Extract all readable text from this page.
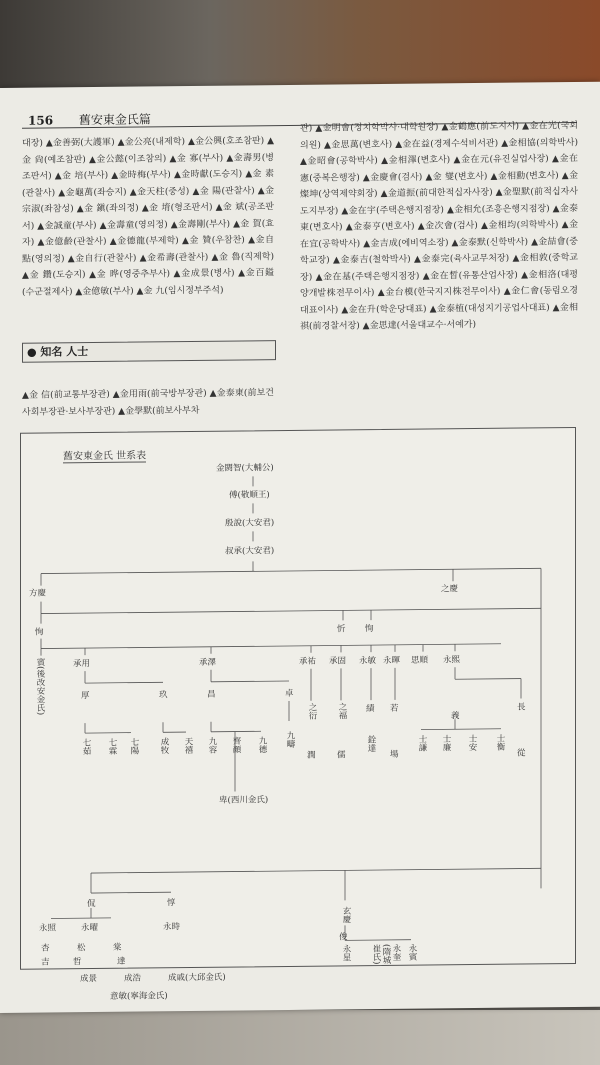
156 舊安東金氏篇
대장) ▲金善弼(大護軍) ▲金公亮(내제학) ▲金公興(호조참판) ▲金 尙(예조참판) ▲金公懿(이조참의) ▲金 寡(부사) ▲金壽男(병조판서) ▲金 培(부사) ▲金時梅(부사) ▲金時獻(도승지) ▲金 素(관찰사) ▲金龜萬(좌승지) ▲金天柱(중성) ▲金 陽(관찰사) ▲金宗淑(좌참성) ▲金 鎭(좌의정) ▲金 堉(형조판서) ▲金 斌(공조판서) ▲金誠童(부사) ▲金壽童(영의정) ▲金壽剛(부사) ▲金 賀(효자) ▲金億齡(관찰사) ▲金德龍(부제학) ▲金 贊(우참찬) ▲金自點(영의정) ▲金自行(관찰사) ▲金希壽(관찰사) ▲金 魯(직제학) ▲金 鑽(도승지) ▲金 晔(영중추부사) ▲金成景(병사) ▲金百鎰(수군절제사) ▲金億敏(부사) ▲金 九(임시정부주석)
● 知名 人士
▲金 信(前교통부장관) ▲金用雨(前국방부장관) ▲金泰東(前보건사회부장관·보사부장관) ▲金學默(前보사부차
관) ▲金明會(정치학박사·대학원장) ▲金鶴應(前도지사) ▲金在光(국회의원) ▲金思萬(변호사) ▲金在益(경제수석비서관) ▲金相協(의학박사) ▲金昭會(공학박사) ▲金相澤(변호사) ▲金在元(유진실업사장) ▲金在憲(중복은행장) ▲金慶會(검사) ▲金 燮(변호사) ▲金相勳(변호사) ▲金燦坤(상역제약회장) ▲金道振(前대한적십자사장) ▲金聖默(前적십자사도지부장) ▲金在宇(주택은행지점장) ▲金相允(조흥은행지점장) ▲金泰東(변호사) ▲金泰亨(변호사) ▲金次會(검사) ▲金相均(의학박사) ▲金在宜(공학박사) ▲金吉成(에비역소장) ▲金泰默(신학박사) ▲金喆會(중학교장) ▲金泰吉(철학박사) ▲金泰完(육사교무처장) ▲金相敦(중학교장) ▲金在基(주택은행지점장) ▲金在晳(유통산업사장) ▲金相洛(대평양개발株전무이사) ▲金台模(한국지지株전무이사) ▲金仁會(동림오경대표이사) ▲金在升(학운당대표) ▲金泰植(대성지기공업사대표) ▲金相祺(前경찰서장) ▲金思達(서울대교수·서예가)
舊安東金氏 世系表
金閼智(大輔公)
傅(敬順王)
殷說(大安君)
叔承(大安君)
方慶	之慶
恂	忻 恂
賓(後改安金氏)	承用	承澤	承祐 承固 永敏 永暉 思順 永熙
厚	玖	昌	卓
之衍 之福 績 若
義
長
七茹 七霖 七陽 成牧 天禧 九容 齊顔 九德 九疇
潤	儒
銓達
場
士謙 士廉 士安 士衡
從
卑(西川金氏)
侃	惇
永照	永曜	永時
杏	松	棠
吉	哲	達
玄慶
俊
永星	永奎(隋城崔氏)	永賓
成景	成浩	成戚(大邱金氏)
意敏(寧海金氏)
